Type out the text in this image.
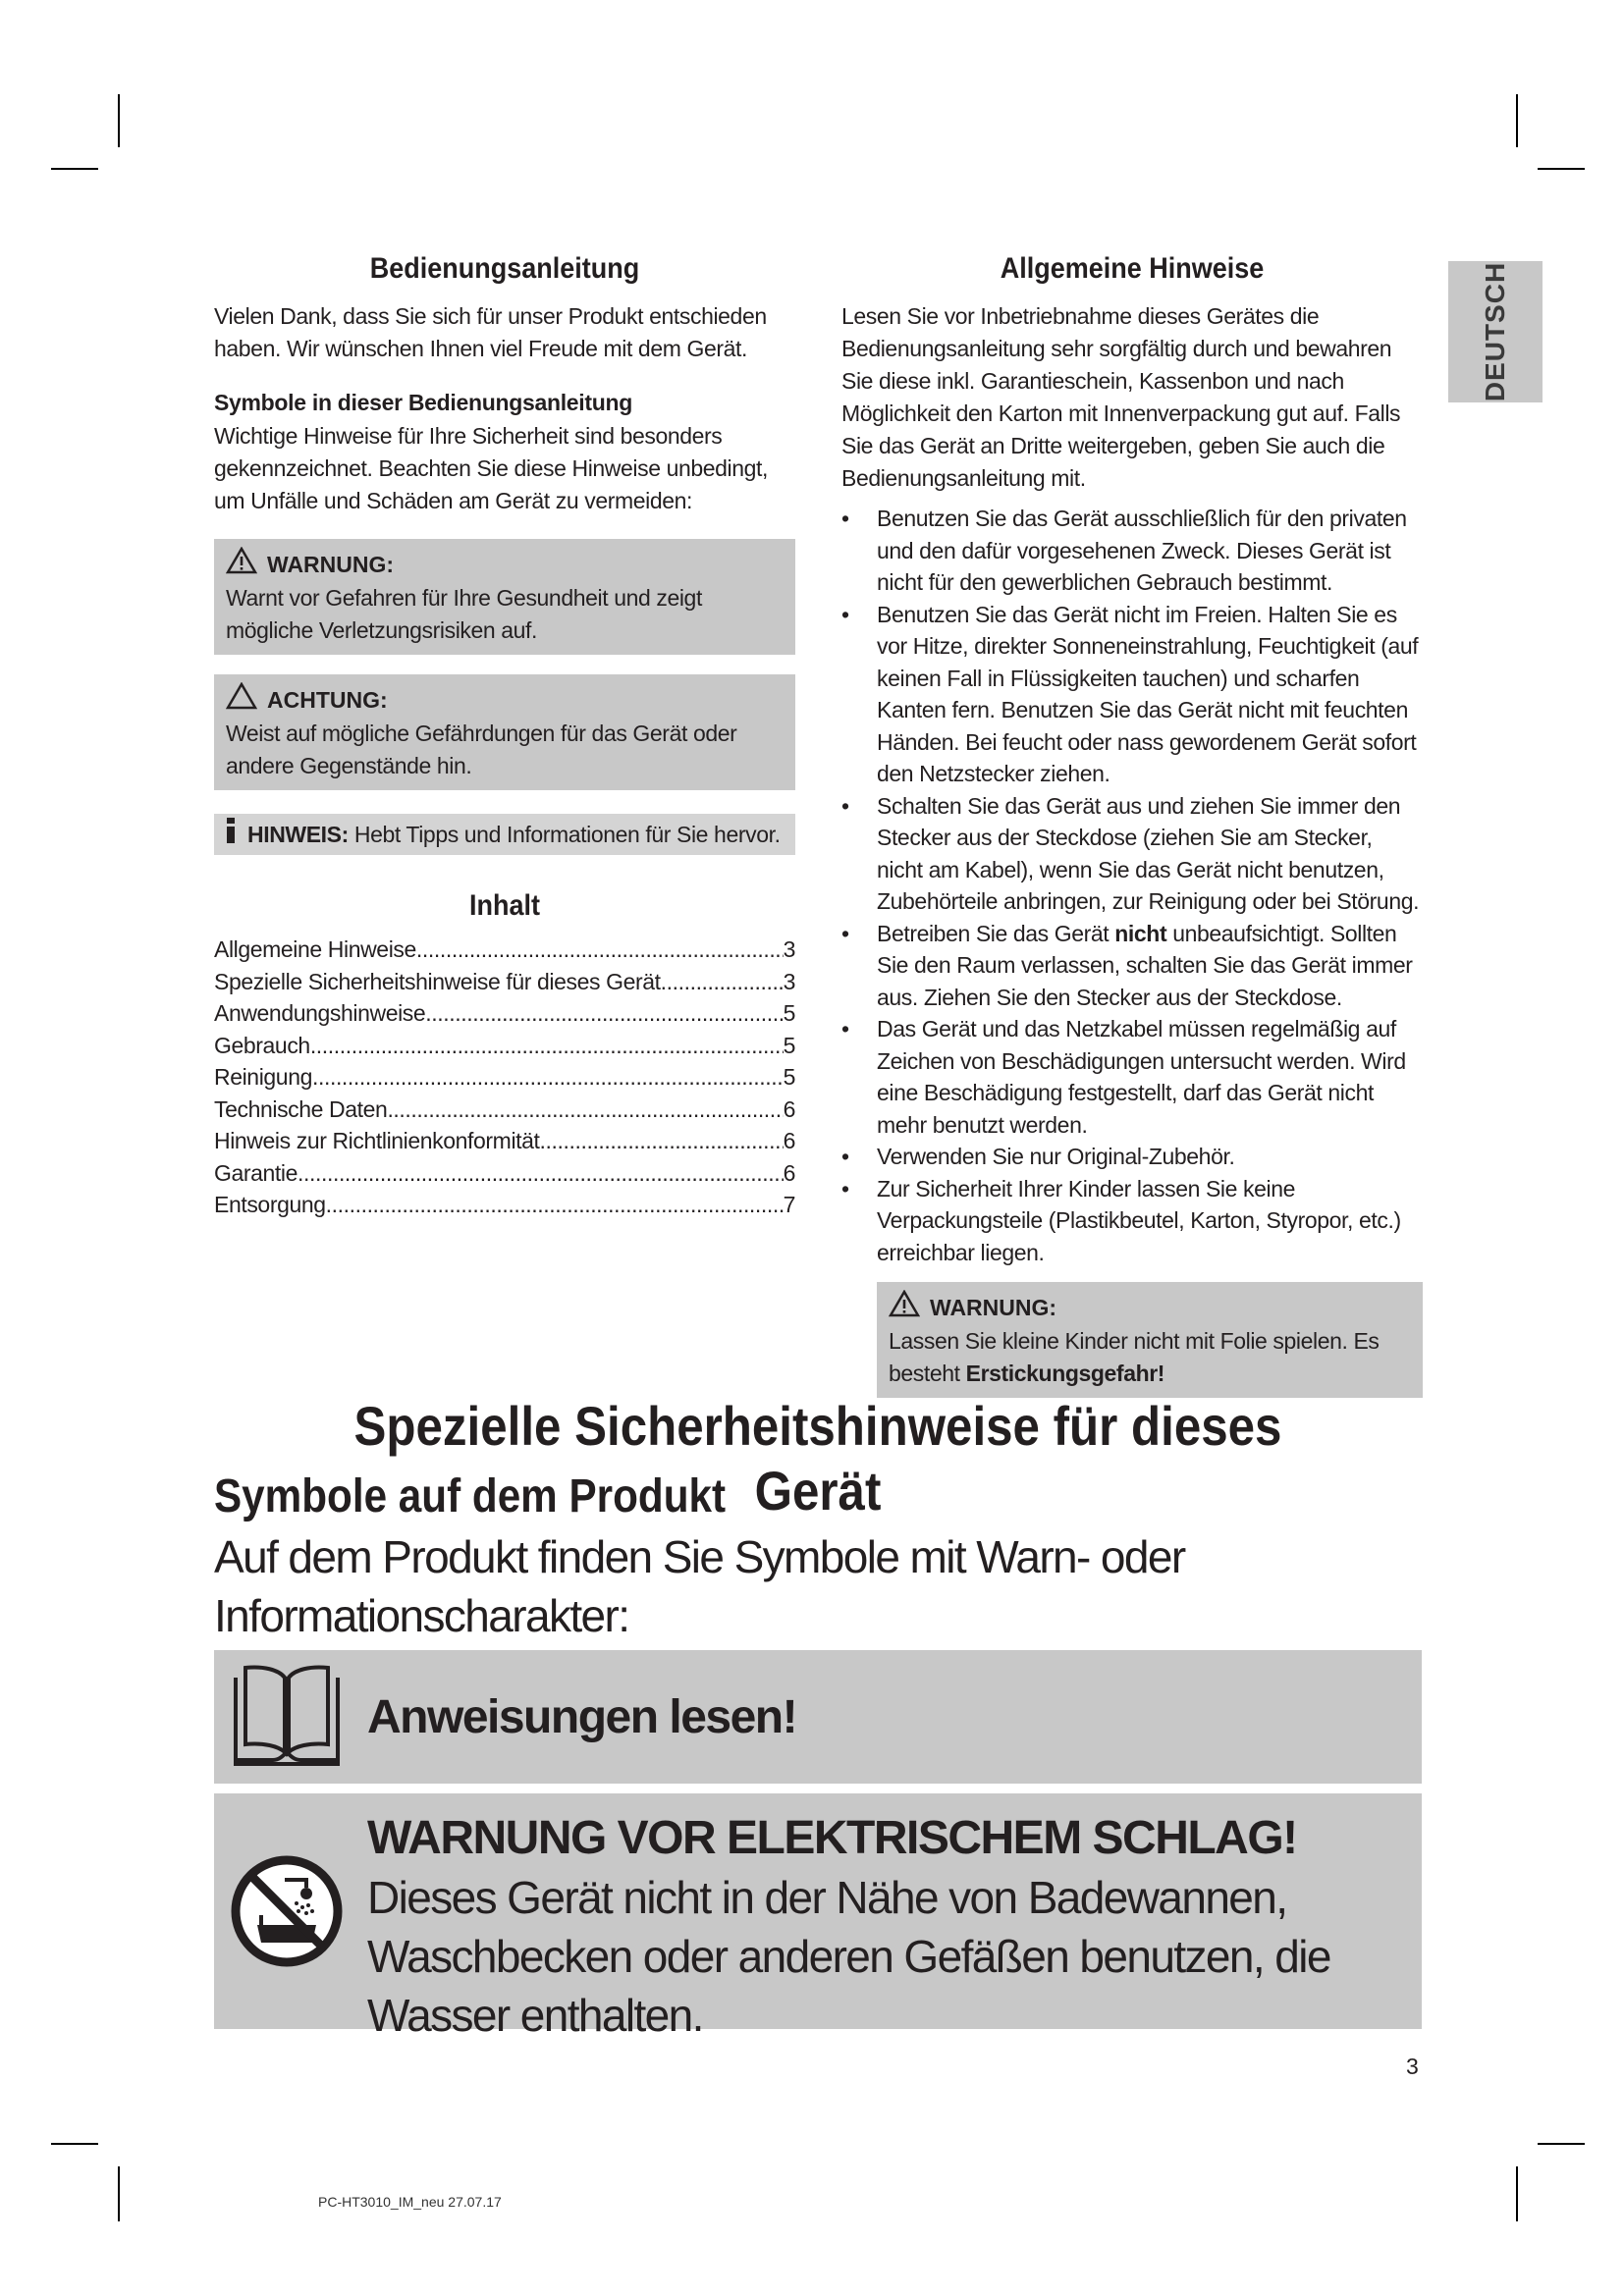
DEUTSCH
Bedienungsanleitung

Vielen Dank, dass Sie sich für unser Produkt entschieden haben. Wir wünschen Ihnen viel Freude mit dem Gerät.

Symbole in dieser Bedienungsanleitung

Wichtige Hinweise für Ihre Sicherheit sind besonders gekennzeichnet. Beachten Sie diese Hinweise unbedingt, um Unfälle und Schäden am Gerät zu vermeiden:

WARNUNG:
Warnt vor Gefahren für Ihre Gesundheit und zeigt mögliche Verletzungsrisiken auf.
ACHTUNG:
Weist auf mögliche Gefährdungen für das Gerät oder andere Gegenstände hin.
HINWEIS: Hebt Tipps und Informationen für Sie hervor.
Inhalt
Allgemeine Hinweise .....	3
Spezielle Sicherheitshinweise für dieses Gerät .....	3
Anwendungshinweise .....	5
Gebrauch .....	5
Reinigung .....	5
Technische Daten .....	6
Hinweis zur Richtlinienkonformität .....	6
Garantie .....	6
Entsorgung .....	7
Allgemeine Hinweise

Lesen Sie vor Inbetriebnahme dieses Gerätes die Bedienungsanleitung sehr sorgfältig durch und bewahren Sie diese inkl. Garantieschein, Kassenbon und nach Möglichkeit den Karton mit Innenverpackung gut auf. Falls Sie das Gerät an Dritte weitergeben, geben Sie auch die Bedienungsanleitung mit.

• Benutzen Sie das Gerät ausschließlich für den privaten und den dafür vorgesehenen Zweck. Dieses Gerät ist nicht für den gewerblichen Gebrauch bestimmt.
• Benutzen Sie das Gerät nicht im Freien. Halten Sie es vor Hitze, direkter Sonneneinstrahlung, Feuchtigkeit (auf keinen Fall in Flüssigkeiten tauchen) und scharfen Kanten fern. Benutzen Sie das Gerät nicht mit feuchten Händen. Bei feucht oder nass gewordenem Gerät sofort den Netzstecker ziehen.
• Schalten Sie das Gerät aus und ziehen Sie immer den Stecker aus der Steckdose (ziehen Sie am Stecker, nicht am Kabel), wenn Sie das Gerät nicht benutzen, Zubehörteile anbringen, zur Reinigung oder bei Störung.
• Betreiben Sie das Gerät nicht unbeaufsichtigt. Sollten Sie den Raum verlassen, schalten Sie das Gerät immer aus. Ziehen Sie den Stecker aus der Steckdose.
• Das Gerät und das Netzkabel müssen regelmäßig auf Zeichen von Beschädigungen untersucht werden. Wird eine Beschädigung festgestellt, darf das Gerät nicht mehr benutzt werden.
• Verwenden Sie nur Original-Zubehör.
• Zur Sicherheit Ihrer Kinder lassen Sie keine Verpackungsteile (Plastikbeutel, Karton, Styropor, etc.) erreichbar liegen.
WARNUNG:
Lassen Sie kleine Kinder nicht mit Folie spielen. Es besteht Erstickungsgefahr!
Spezielle Sicherheitshinweise für dieses Gerät
Symbole auf dem Produkt

Auf dem Produkt finden Sie Symbole mit Warn- oder Informationscharakter:

Anweisungen lesen!
WARNUNG VOR ELEKTRISCHEM SCHLAG!
Dieses Gerät nicht in der Nähe von Badewannen, Waschbecken oder anderen Gefäßen benutzen, die Wasser enthalten.
3
PC-HT3010_IM_neu 27.07.17
